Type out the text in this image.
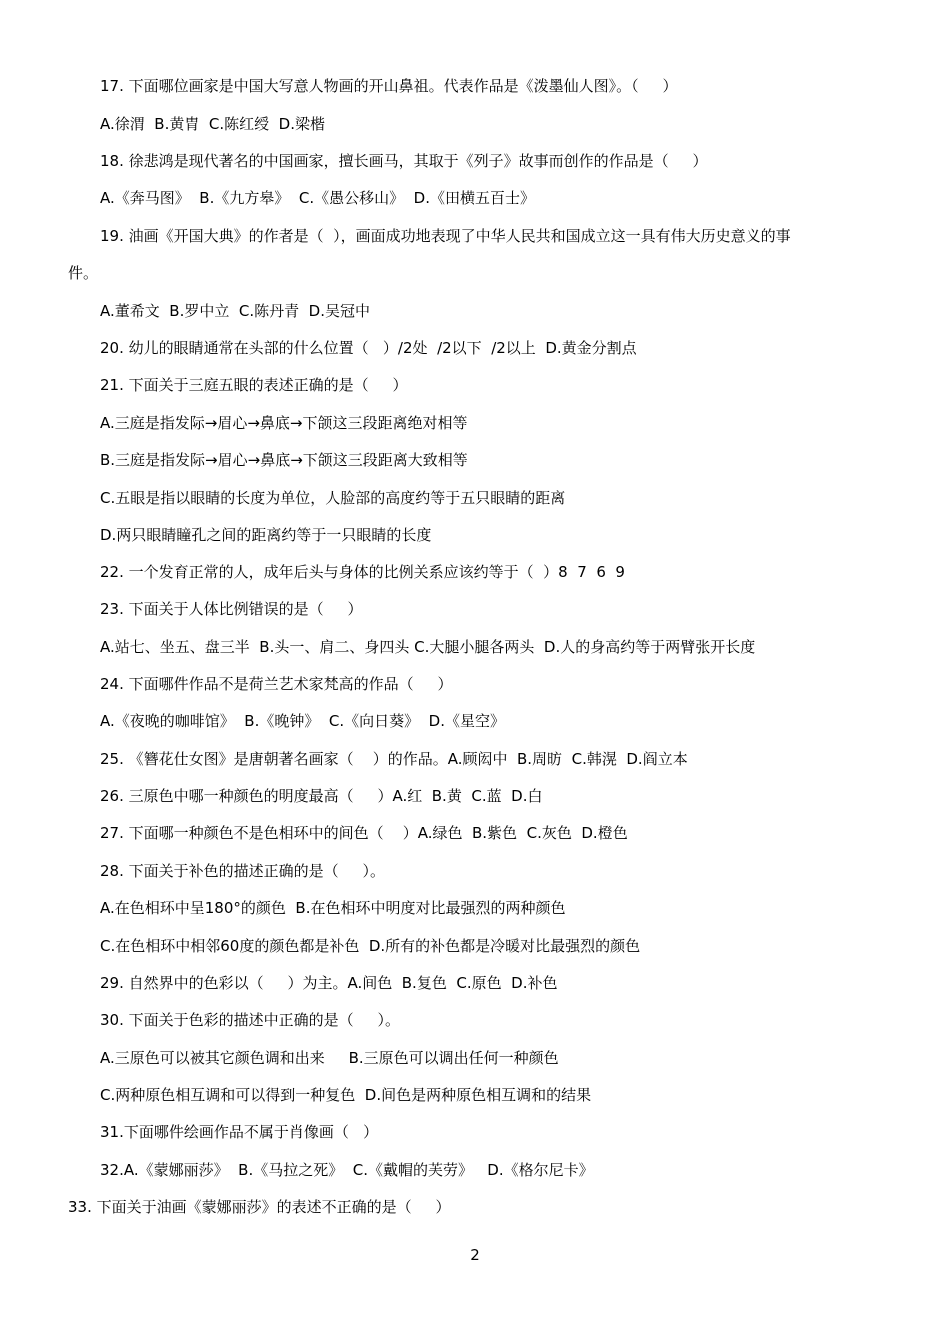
17. 下面哪位画家是中国大写意人物画的开山鼻祖。代表作品是《泼墨仙人图》。（     ）
A.徐渭  B.黄胄  C.陈红绶  D.梁楷
18. 徐悲鸿是现代著名的中国画家，擅长画马，其取于《列子》故事而创作的作品是（     ）
A.《奔马图》  B.《九方皋》  C.《愚公移山》  D.《田横五百士》
19. 油画《开国大典》的作者是（  ），画面成功地表现了中华人民共和国成立这一具有伟大历史意义的事
件。
A.董希文  B.罗中立  C.陈丹青  D.吴冠中
20. 幼儿的眼睛通常在头部的什么位置（   ）/2处  /2以下  /2以上  D.黄金分割点
21. 下面关于三庭五眼的表述正确的是（     ）
A.三庭是指发际→眉心→鼻底→下颌这三段距离绝对相等
B.三庭是指发际→眉心→鼻底→下颌这三段距离大致相等
C.五眼是指以眼睛的长度为单位，人脸部的高度约等于五只眼睛的距离
D.两只眼睛瞳孔之间的距离约等于一只眼睛的长度
22. 一个发育正常的人，成年后头与身体的比例关系应该约等于（  ）8  7  6  9
23. 下面关于人体比例错误的是（     ）
A.站七、坐五、盘三半  B.头一、肩二、身四头 C.大腿小腿各两头  D.人的身高约等于两臂张开长度
24. 下面哪件作品不是荷兰艺术家梵高的作品（     ）
A.《夜晚的咖啡馆》  B.《晚钟》  C.《向日葵》  D.《星空》
25. 《簪花仕女图》是唐朝著名画家（    ）的作品。A.顾闳中  B.周昉  C.韩滉  D.阎立本
26. 三原色中哪一种颜色的明度最高（     ）A.红  B.黄  C.蓝  D.白
27. 下面哪一种颜色不是色相环中的间色（    ）A.绿色  B.紫色  C.灰色  D.橙色
28. 下面关于补色的描述正确的是（     ）。
A.在色相环中呈180°的颜色  B.在色相环中明度对比最强烈的两种颜色
C.在色相环中相邻60度的颜色都是补色  D.所有的补色都是冷暖对比最强烈的颜色
29. 自然界中的色彩以（     ）为主。A.间色  B.复色  C.原色  D.补色
30. 下面关于色彩的描述中正确的是（     ）。
A.三原色可以被其它颜色调和出来     B.三原色可以调出任何一种颜色
C.两种原色相互调和可以得到一种复色  D.间色是两种原色相互调和的结果
31.下面哪件绘画作品不属于肖像画（   ）
32.A.《蒙娜丽莎》  B.《马拉之死》  C.《戴帽的芙劳》   D.《格尔尼卡》
33. 下面关于油画《蒙娜丽莎》的表述不正确的是（     ）
2
